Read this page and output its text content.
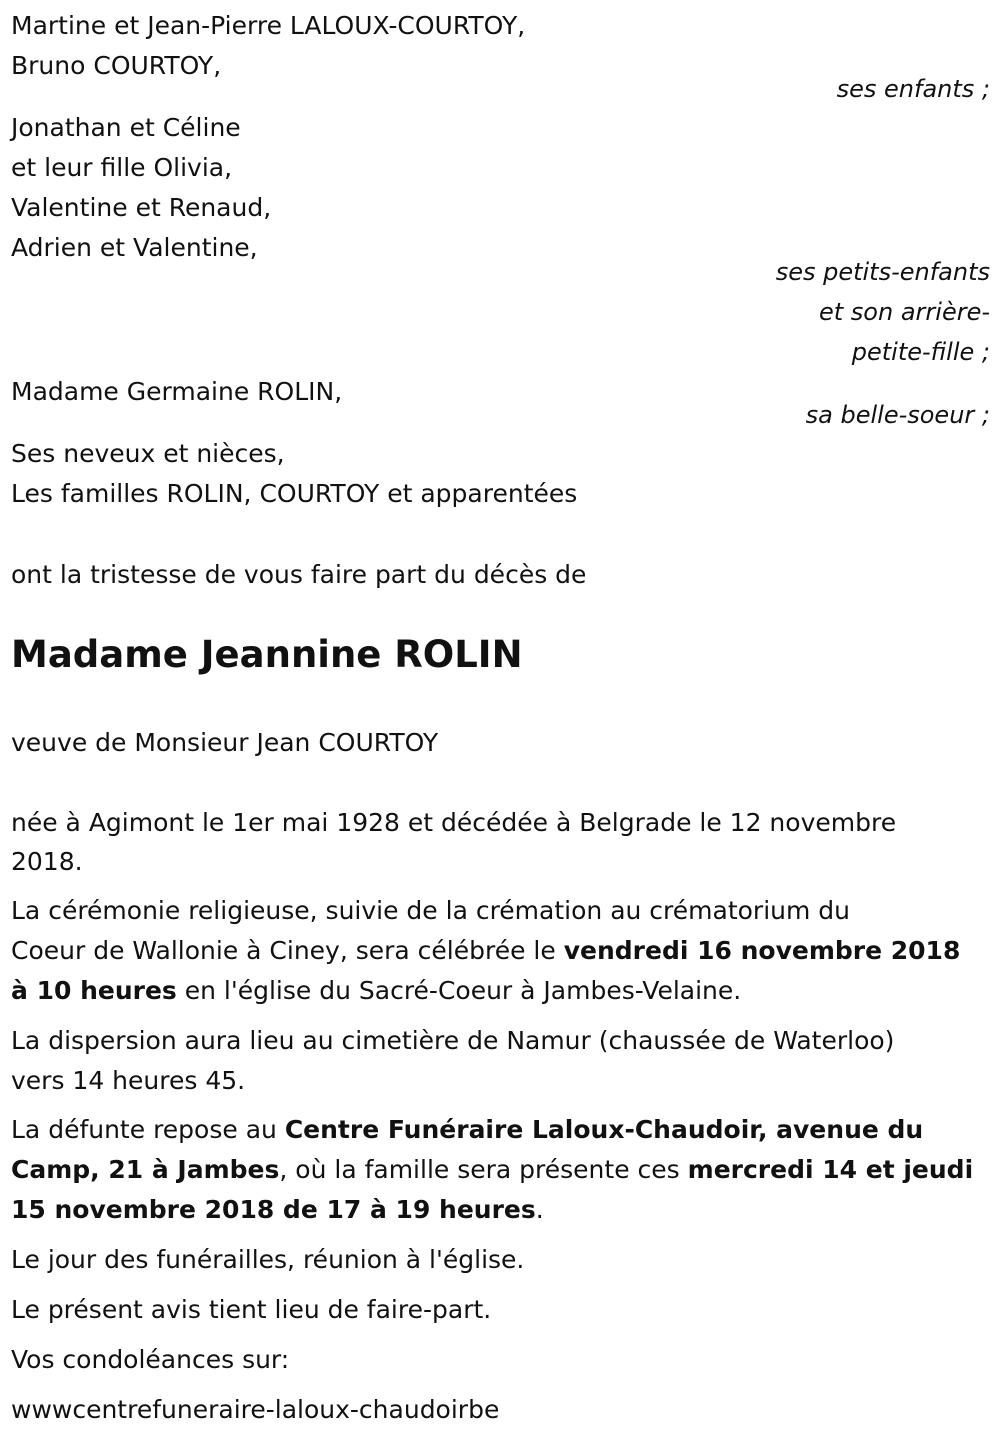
Martine et Jean-Pierre LALOUX-COURTOY,
Bruno COURTOY,
ses enfants ;
Jonathan et Céline
et leur fille Olivia,
Valentine et Renaud,
Adrien et Valentine,
ses petits-enfants
et son arrière-
petite-fille ;
Madame Germaine ROLIN,
sa belle-soeur ;
Ses neveux et nièces,
Les familles ROLIN, COURTOY et apparentées
ont la tristesse de vous faire part du décès de
Madame Jeannine ROLIN
veuve de Monsieur Jean COURTOY
née à Agimont le 1er mai 1928 et décédée à Belgrade le 12 novembre
2018.
La cérémonie religieuse, suivie de la crémation au crématorium du
Coeur de Wallonie à Ciney, sera célébrée le vendredi 16 novembre 2018
à 10 heures en l'église du Sacré-Coeur à Jambes-Velaine.
La dispersion aura lieu au cimetière de Namur (chaussée de Waterloo)
vers 14 heures 45.
La défunte repose au Centre Funéraire Laloux-Chaudoir, avenue du
Camp, 21 à Jambes, où la famille sera présente ces mercredi 14 et jeudi
15 novembre 2018 de 17 à 19 heures.
Le jour des funérailles, réunion à l'église.
Le présent avis tient lieu de faire-part.
Vos condoléances sur:
wwwcentrefuneraire-laloux-chaudoirbe
